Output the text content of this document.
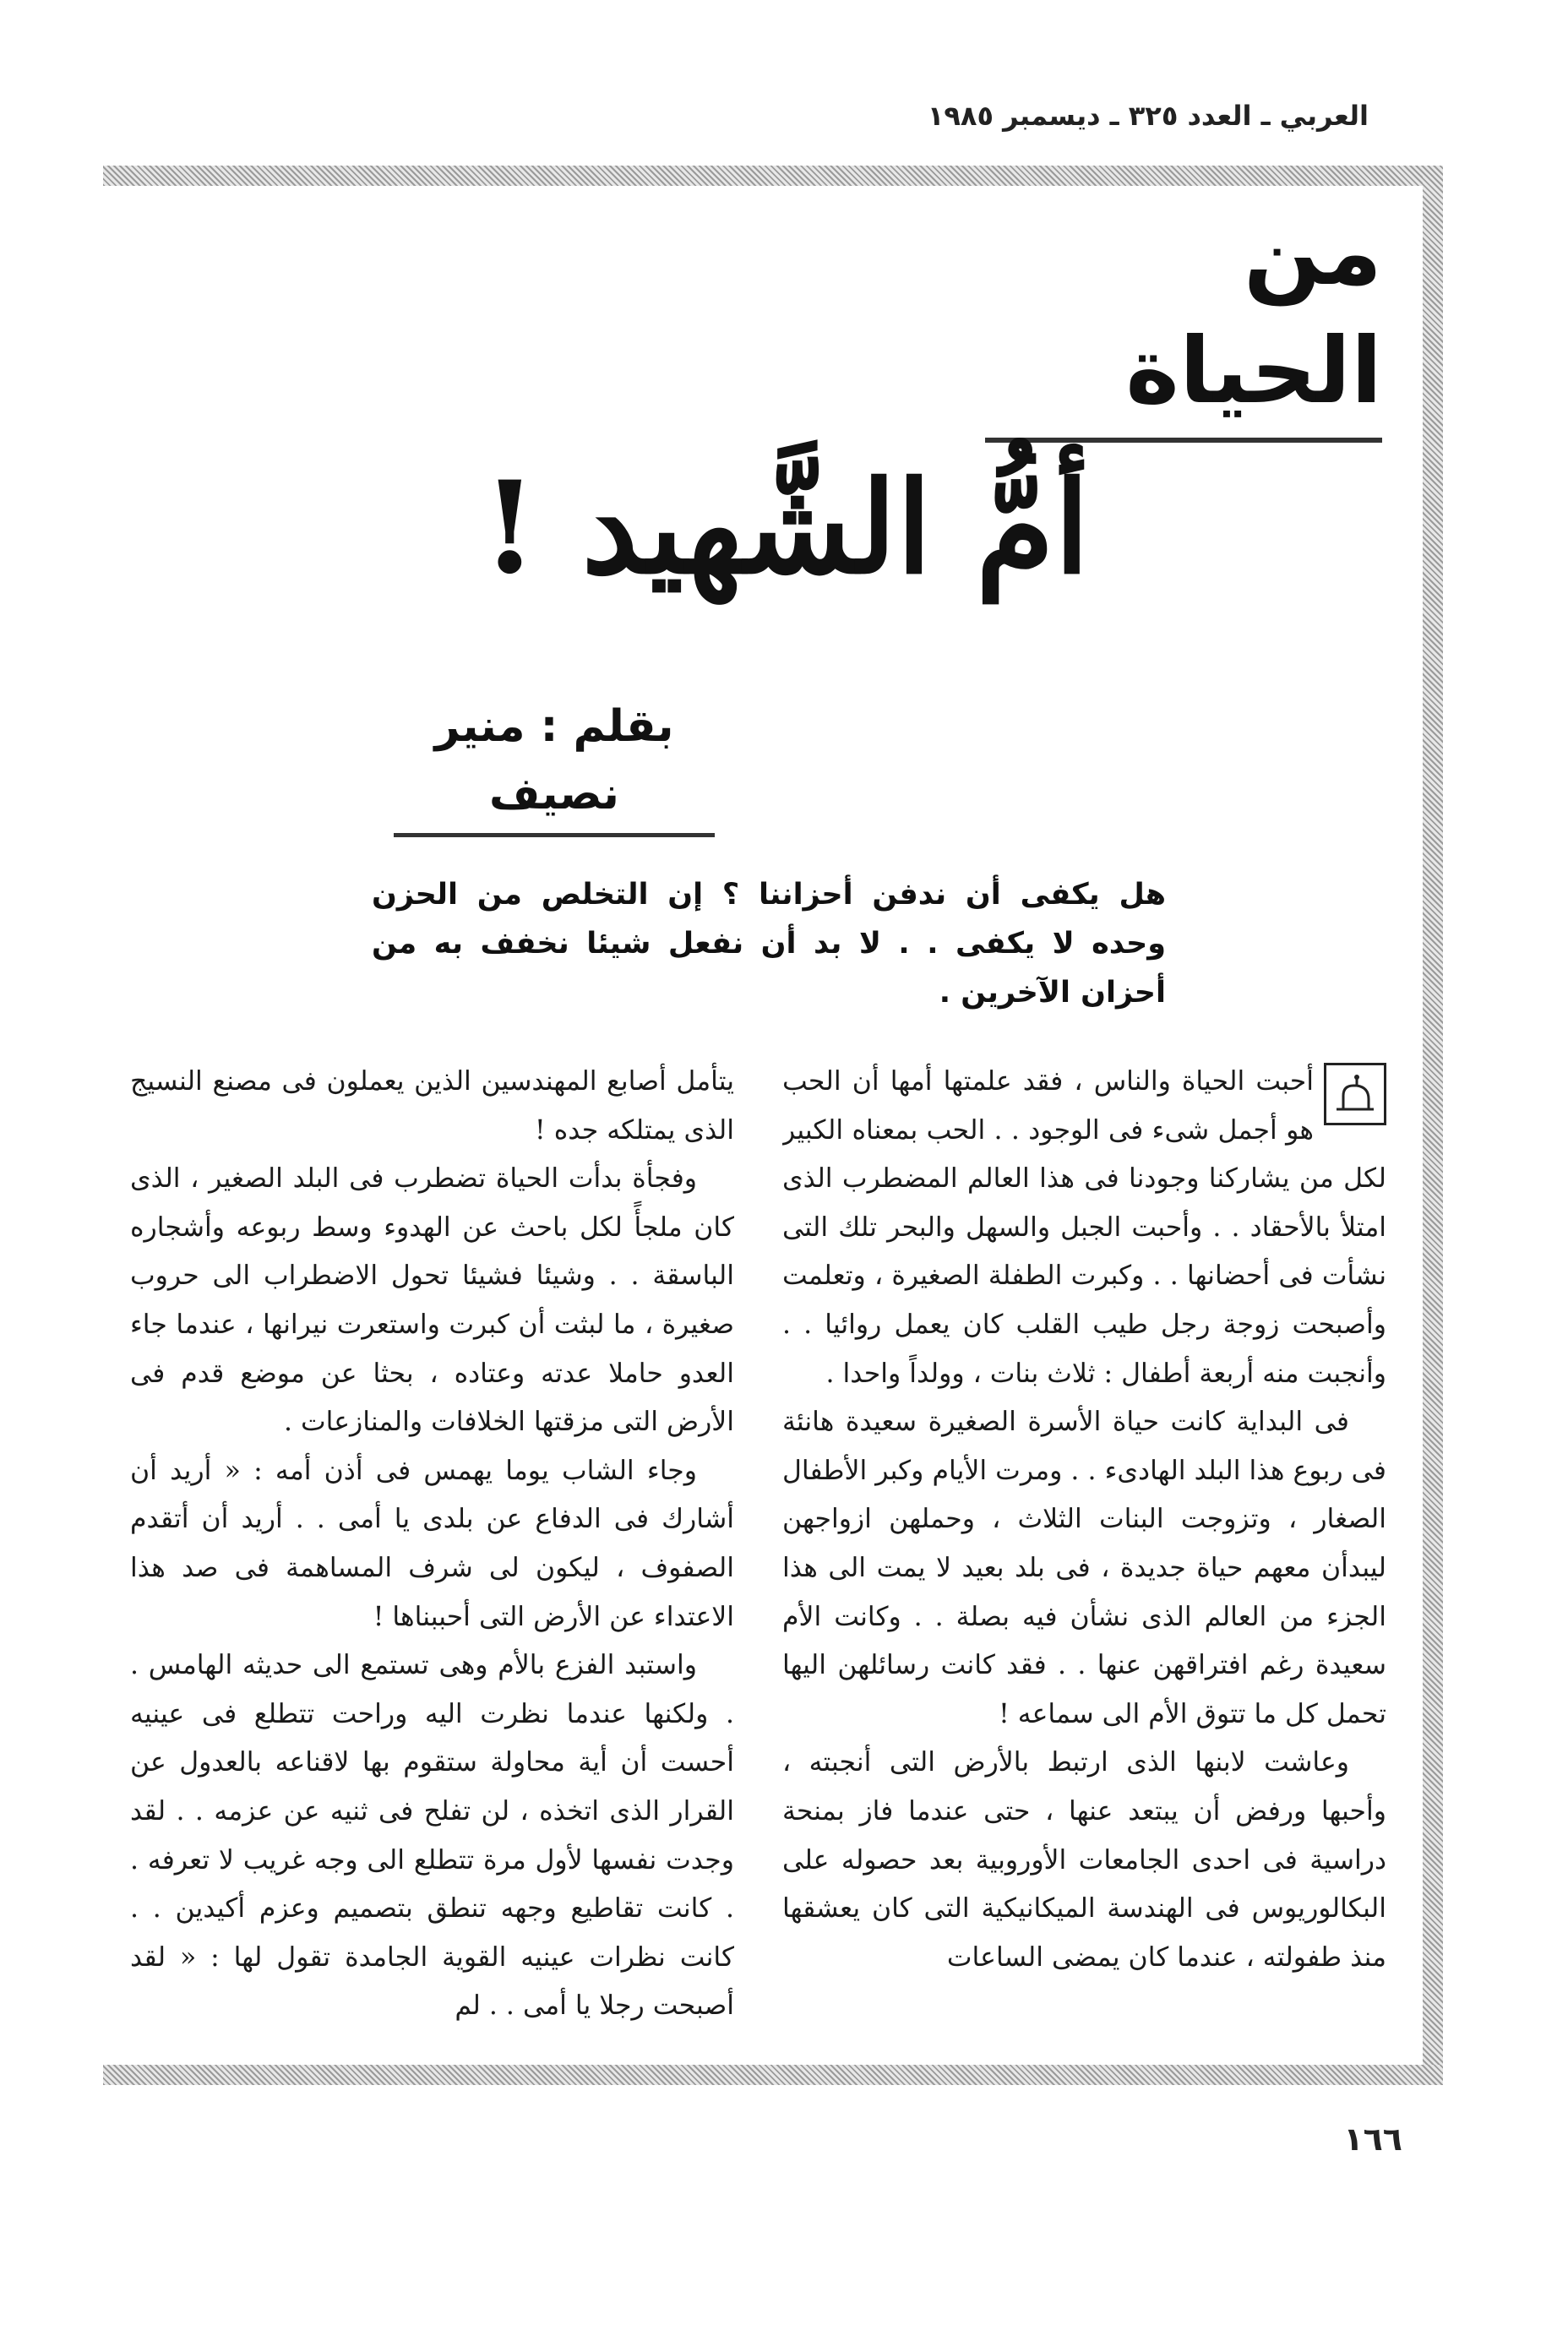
العربي ـ العدد ٣٢٥ ـ ديسمبر ١٩٨٥
من الحياة
أمُّ الشَّهيد !
بقلم : منير نصيف
هل يكفى أن ندفن أحزاننا ؟ إن التخلص من الحزن وحده لا يكفى . . لا بد أن نفعل شيئا نخفف به من أحزان الآخرين .

أحبت الحياة والناس ، فقد علمتها أمها أن الحب هو أجمل شىء فى الوجود . . الحب بمعناه الكبير لكل من يشاركنا وجودنا فى هذا العالم المضطرب الذى امتلأ بالأحقاد . . وأحبت الجبل والسهل والبحر تلك التى نشأت فى أحضانها . . وكبرت الطفلة الصغيرة ، وتعلمت وأصبحت زوجة رجل طيب القلب كان يعمل روائيا . . وأنجبت منه أربعة أطفال : ثلاث بنات ، وولداً واحدا .

فى البداية كانت حياة الأسرة الصغيرة سعيدة هانئة فى ربوع هذا البلد الهادىء . . ومرت الأيام وكبر الأطفال الصغار ، وتزوجت البنات الثلاث ، وحملهن ازواجهن ليبدأن معهم حياة جديدة ، فى بلد بعيد لا يمت الى هذا الجزء من العالم الذى نشأن فيه بصلة . . وكانت الأم سعيدة رغم افتراقهن عنها . . فقد كانت رسائلهن اليها تحمل كل ما تتوق الأم الى سماعه !

وعاشت لابنها الذى ارتبط بالأرض التى أنجبته ، وأحبها ورفض أن يبتعد عنها ، حتى عندما فاز بمنحة دراسية فى احدى الجامعات الأوروبية بعد حصوله على البكالوريوس فى الهندسة الميكانيكية التى كان يعشقها منذ طفولته ، عندما كان يمضى الساعات

يتأمل أصابع المهندسين الذين يعملون فى مصنع النسيج الذى يمتلكه جده !

وفجأة بدأت الحياة تضطرب فى البلد الصغير ، الذى كان ملجأً لكل باحث عن الهدوء وسط ربوعه وأشجاره الباسقة . . وشيئا فشيئا تحول الاضطراب الى حروب صغيرة ، ما لبثت أن كبرت واستعرت نيرانها ، عندما جاء العدو حاملا عدته وعتاده ، بحثا عن موضع قدم فى الأرض التى مزقتها الخلافات والمنازعات .

وجاء الشاب يوما يهمس فى أذن أمه : « أريد أن أشارك فى الدفاع عن بلدى يا أمى . . أريد أن أتقدم الصفوف ، ليكون لى شرف المساهمة فى صد هذا الاعتداء عن الأرض التى أحببناها !

واستبد الفزع بالأم وهى تستمع الى حديثه الهامس . . ولكنها عندما نظرت اليه وراحت تتطلع فى عينيه أحست أن أية محاولة ستقوم بها لاقناعه بالعدول عن القرار الذى اتخذه ، لن تفلح فى ثنيه عن عزمه . . لقد وجدت نفسها لأول مرة تتطلع الى وجه غريب لا تعرفه . . كانت تقاطيع وجهه تنطق بتصميم وعزم أكيدين . . كانت نظرات عينيه القوية الجامدة تقول لها : « لقد أصبحت رجلا يا أمى . . لم

١٦٦
